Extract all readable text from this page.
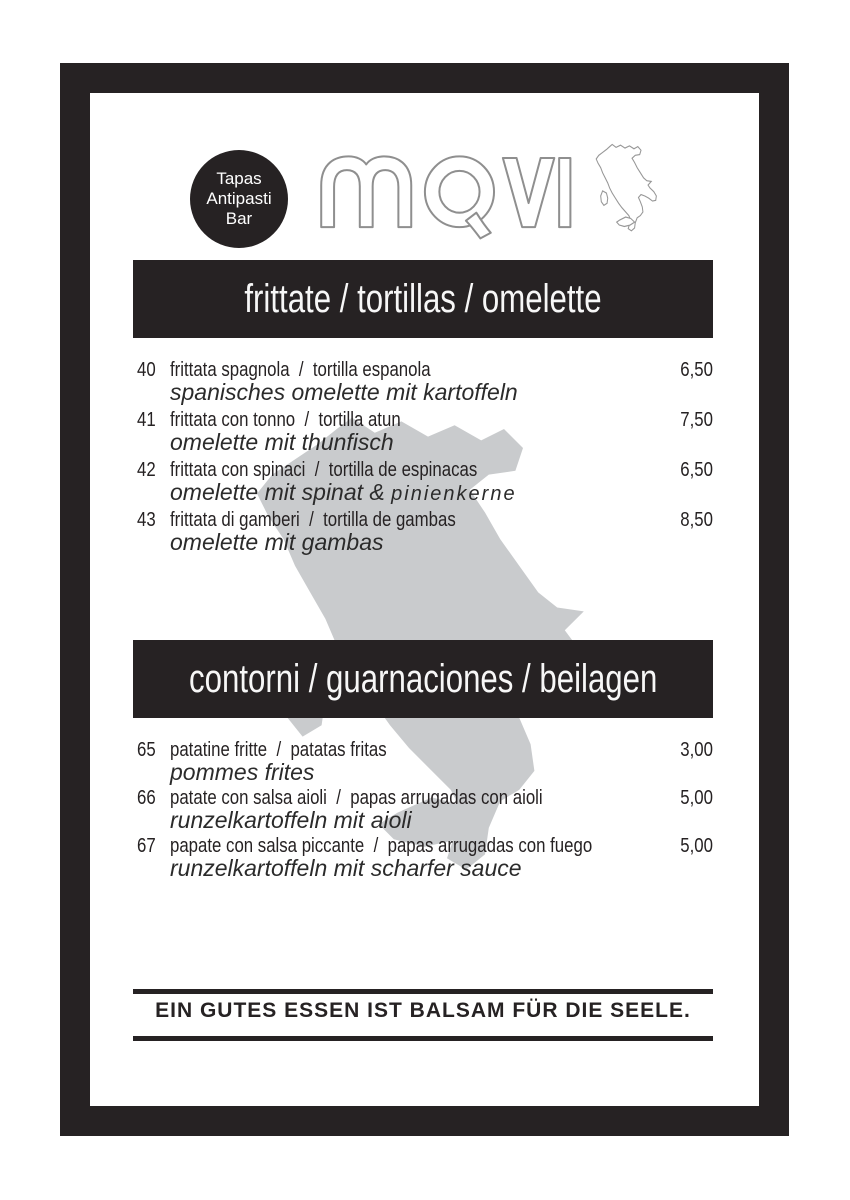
Tapas
Antipasti
Bar
frittate / tortillas / omelette
40 frittata spagnola  /  tortilla espanola
spanisches omelette mit kartoffeln
6,50
41 frittata con tonno  /  tortilla atun
omelette mit thunfisch
7,50
42 frittata con spinaci  /  tortilla de espinacas
omelette mit spinat & pinienkerne
6,50
43 frittata di gamberi  /  tortilla de gambas
omelette mit gambas
8,50
contorni / guarnaciones / beilagen
65 patatine fritte  /  patatas fritas
pommes frites
3,00
66 patate con salsa aioli  /  papas arrugadas con aioli
runzelkartoffeln mit aioli
5,00
67 papate con salsa piccante  /  papas arrugadas con fuego
runzelkartoffeln mit scharfer sauce
5,00
EIN GUTES ESSEN IST BALSAM FÜR DIE SEELE.
